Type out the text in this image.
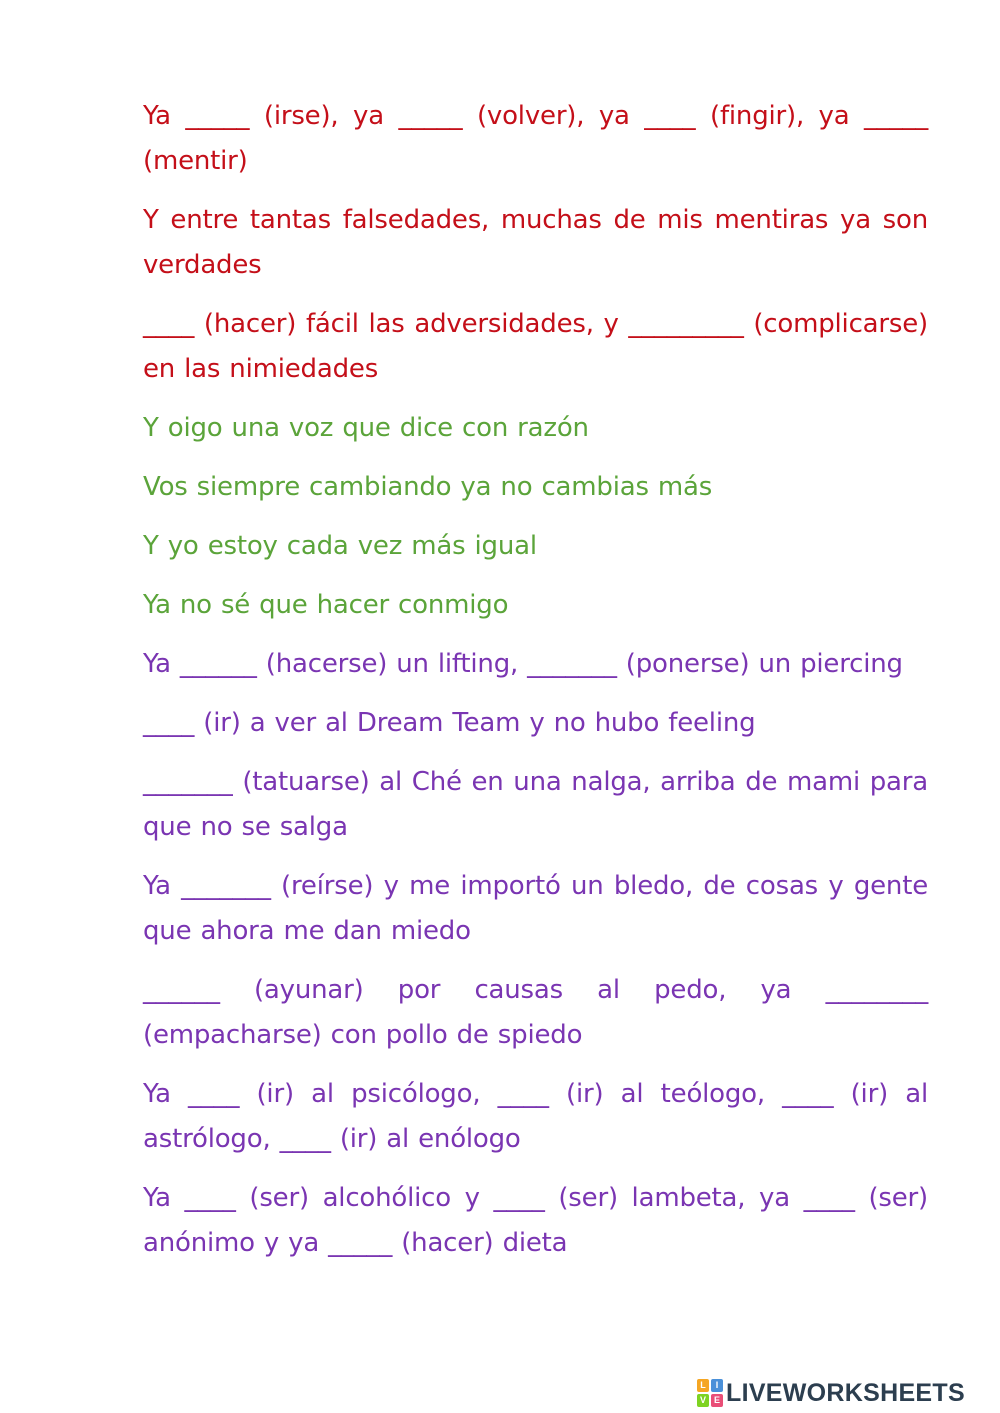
Ya _____ (irse), ya _____ (volver), ya ____ (fingir), ya _____ (mentir)

Y entre tantas falsedades, muchas de mis mentiras ya son verdades

____ (hacer) fácil las adversidades, y _________ (complicarse) en las nimiedades

Y oigo una voz que dice con razón

Vos siempre cambiando ya no cambias más

Y yo estoy cada vez más igual

Ya no sé que hacer conmigo

Ya ______ (hacerse) un lifting, _______ (ponerse) un piercing

____ (ir) a ver al Dream Team y no hubo feeling

_______ (tatuarse) al Ché en una nalga, arriba de mami para que no se salga

Ya _______ (reírse) y me importó un bledo, de cosas y gente que ahora me dan miedo

______ (ayunar) por causas al pedo, ya ________ (empacharse) con pollo de spiedo

Ya ____ (ir) al psicólogo, ____ (ir) al teólogo, ____ (ir) al astrólogo, ____ (ir) al enólogo

Ya ____ (ser) alcohólico y ____ (ser) lambeta, ya ____ (ser) anónimo y ya _____ (hacer) dieta

L	I
V E LIVEWORKSHEETS
